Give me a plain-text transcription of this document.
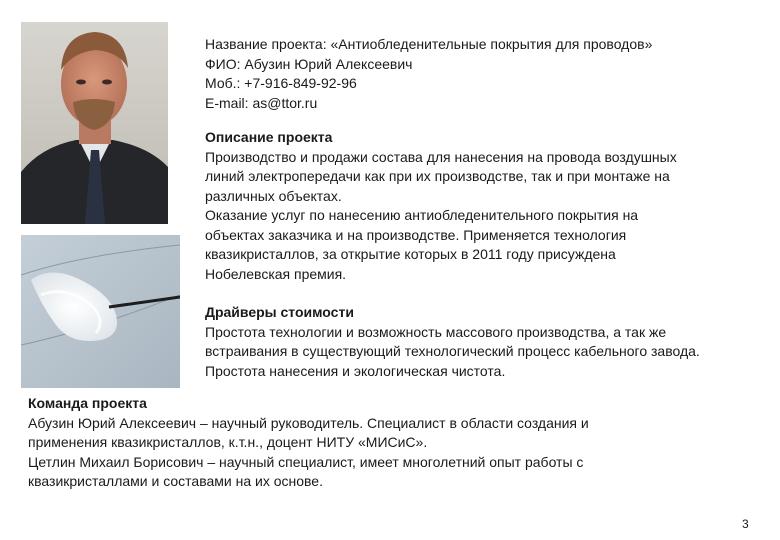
Название проекта: «Антиобледенительные покрытия для проводов»

ФИО: Абузин Юрий Алексеевич

Моб.: +7-916-849-92-96

E-mail: as@ttor.ru

Описание проекта

Производство и продажи состава для нанесения на провода воздушных

линий электропередачи как при их производстве, так и при монтаже на

различных объектах.

Оказание услуг по нанесению антиобледенительного покрытия на

объектах заказчика и на производстве. Применяется технология

квазикристаллов, за открытие которых в 2011 году присуждена

Нобелевская премия.

Драйверы стоимости

Простота технологии и возможность массового производства, а так же

встраивания в существующий технологический процесс кабельного завода.

Простота нанесения и экологическая чистота.

Команда проекта

Абузин Юрий Алексеевич – научный руководитель. Специалист в области создания и

применения квазикристаллов, к.т.н., доцент НИТУ «МИСиС».

Цетлин Михаил Борисович – научный специалист, имеет многолетний опыт работы с

квазикристаллами и составами на их основе.

3
